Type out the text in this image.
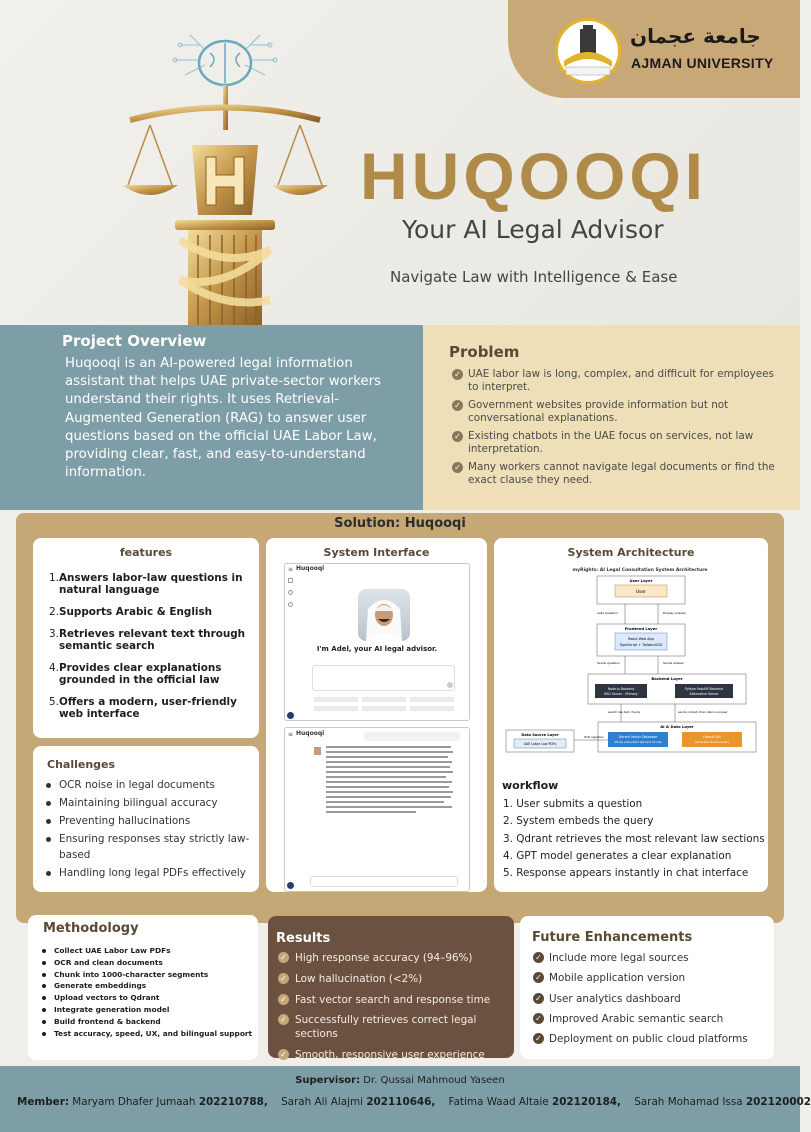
جامعة عجمان
AJMAN UNIVERSITY
HUQOOQI
Your AI Legal Advisor
Navigate Law with Intelligence & Ease
Project Overview
Huqooqi is an AI-powered legal information assistant that helps UAE private-sector workers understand their rights. It uses Retrieval-Augmented Generation (RAG) to answer user questions based on the official UAE Labor Law, providing clear, fast, and easy-to-understand information.
Problem
✓ UAE labor law is long, complex, and difficult for employees to interpret.
✓ Government websites provide information but not conversational explanations.
✓ Existing chatbots in the UAE focus on services, not law interpretation.
✓ Many workers cannot navigate legal documents or find the exact clause they need.
Solution: Huqooqi
features
1. Answers labor-law questions in natural language
2. Supports Arabic & English
3. Retrieves relevant text through semantic search
4. Provides clear explanations grounded in the official law
5. Offers a modern, user-friendly web interface
Challenges
OCR noise in legal documents
Maintaining bilingual accuracy
Preventing hallucinations
Ensuring responses stay strictly law-based
Handling long legal PDFs effectively
System Interface
Huqooqi
≡
I'm Adel, your AI legal advisor.
Huqooqi
≡
System Architecture
myRights: AI Legal Consultation System Architecture
User Layer
User
Asks question	Display answer
Frontend Layer
React Web App
TypeScript + TailwindCSS
Sends question	Sends answer
Backend Layer
Node.js Backend
RAG Server - Primary
Python FastAPI Backend
Alternative Server
search law text chunks	sends context, then returns answer
AI & Data Layer
Qdrant Vector Database
Stores embedded law text chunks
OpenAI API
Generates final answers
Data Source Layer
UAE Labor Law PDFs
OCR ingestion
workflow
1. User submits a question
2. System embeds the query
3. Qdrant retrieves the most relevant law sections
4. GPT model generates a clear explanation
5. Response appears instantly in chat interface
Methodology
Collect UAE Labor Law PDFs
OCR and clean documents
Chunk into 1000-character segments
Generate embeddings
Upload vectors to Qdrant
Integrate generation model
Build frontend & backend
Test accuracy, speed, UX, and bilingual support
Results
✓ High response accuracy (94–96%)
✓ Low hallucination (<2%)
✓ Fast vector search and response time
✓ Successfully retrieves correct legal sections
✓ Smooth, responsive user experience
Future Enhancements
✓ Include more legal sources
✓ Mobile application version
✓ User analytics dashboard
✓ Improved Arabic semantic search
✓ Deployment on public cloud platforms
Supervisor: Dr. Qussai Mahmoud Yaseen
Member: Maryam Dhafer Jumaah 202210788, Sarah Ali Alajmi 202110646, Fatima Waad Altaie 202120184, Sarah Mohamad Issa 202120002
